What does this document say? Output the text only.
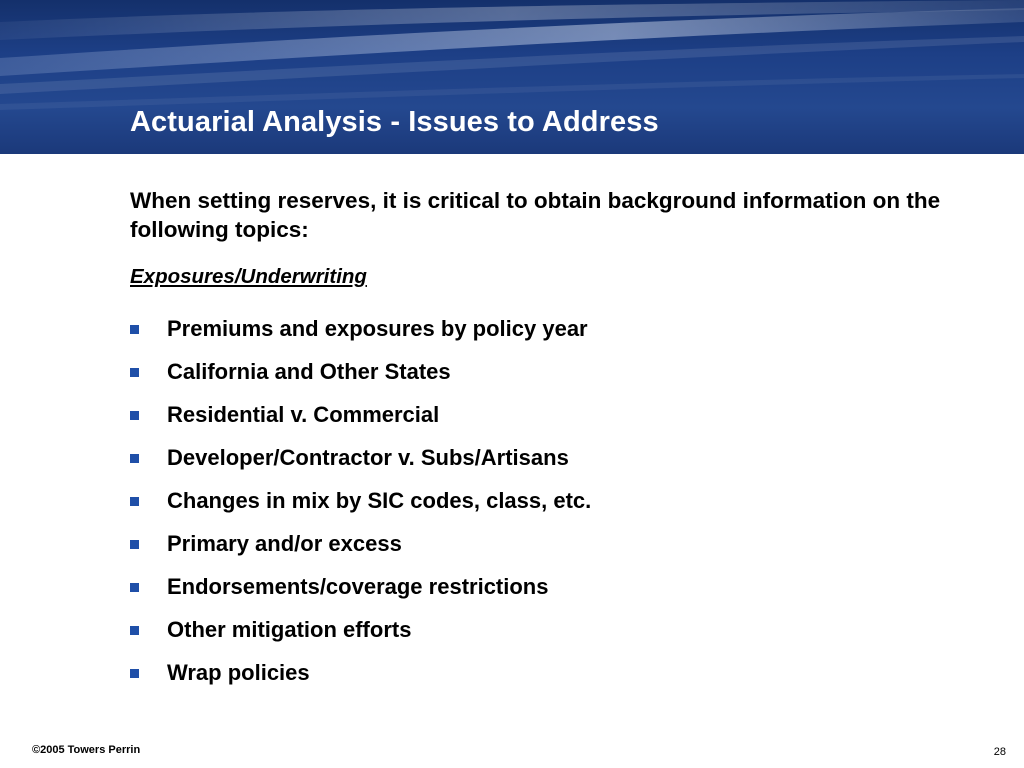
Actuarial Analysis - Issues to Address
When setting reserves, it is critical to obtain background information on the following topics:
Exposures/Underwriting
Premiums and exposures by policy year
California and Other States
Residential v. Commercial
Developer/Contractor v. Subs/Artisans
Changes in mix by SIC codes, class, etc.
Primary and/or excess
Endorsements/coverage restrictions
Other mitigation efforts
Wrap policies
©2005 Towers Perrin	28
